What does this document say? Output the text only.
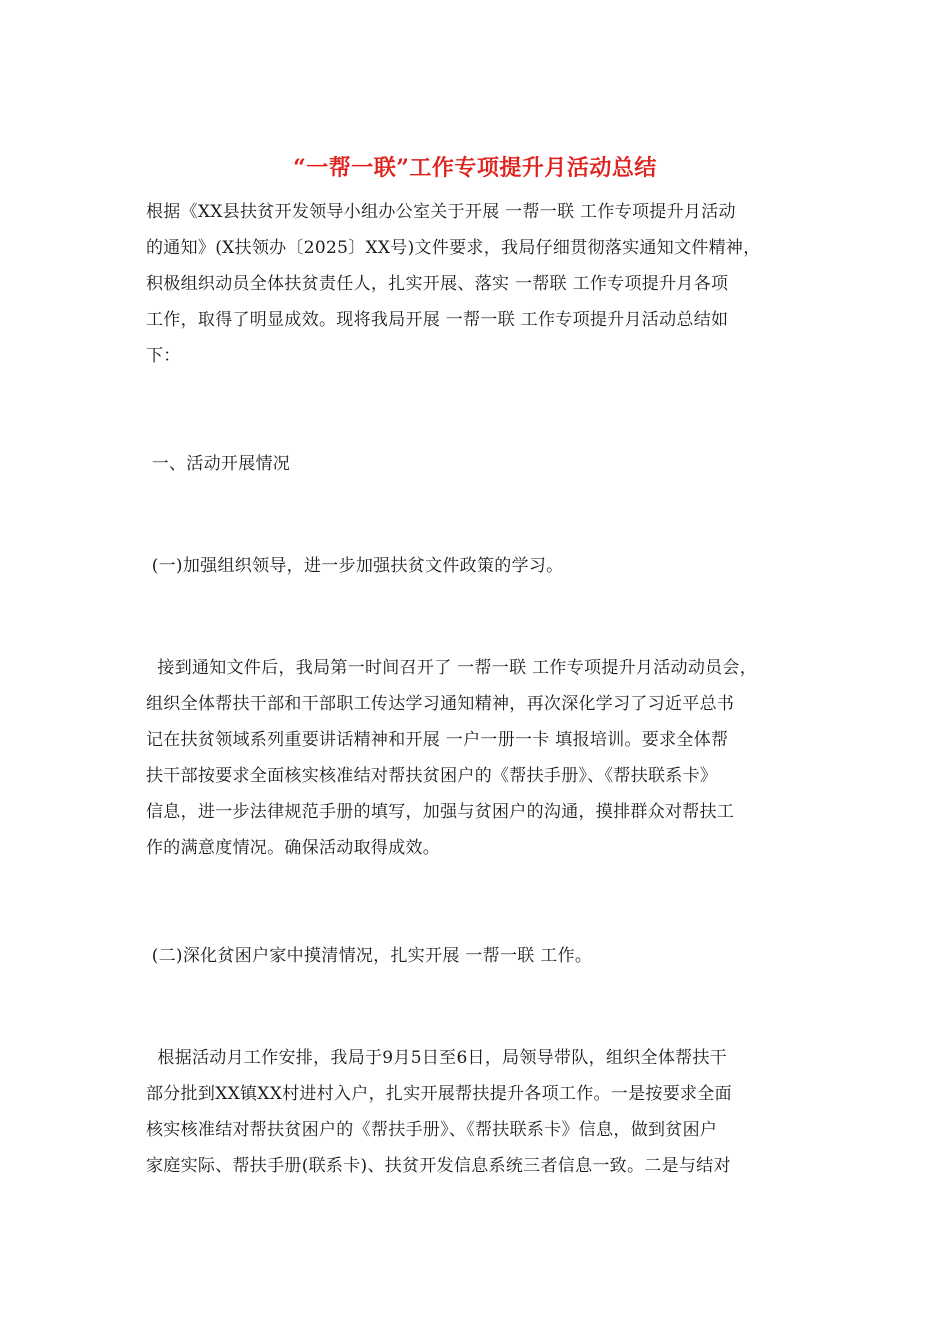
“一帮一联”工作专项提升月活动总结
根据《XX县扶贫开发领导小组办公室关于开展 一帮一联 工作专项提升月活动
的通知》(X扶领办〔2025〕XX号)文件要求，我局仔细贯彻落实通知文件精神，
积极组织动员全体扶贫责任人，扎实开展、落实 一帮联 工作专项提升月各项
工作，取得了明显成效。现将我局开展 一帮一联 工作专项提升月活动总结如
下：
一、活动开展情况
(一)加强组织领导，进一步加强扶贫文件政策的学习。
接到通知文件后，我局第一时间召开了 一帮一联 工作专项提升月活动动员会，
组织全体帮扶干部和干部职工传达学习通知精神，再次深化学习了习近平总书
记在扶贫领域系列重要讲话精神和开展 一户一册一卡 填报培训。要求全体帮
扶干部按要求全面核实核准结对帮扶贫困户的《帮扶手册》、《帮扶联系卡》
信息，进一步法律规范手册的填写，加强与贫困户的沟通，摸排群众对帮扶工
作的满意度情况。确保活动取得成效。
(二)深化贫困户家中摸清情况，扎实开展 一帮一联 工作。
根据活动月工作安排，我局于9月5日至6日，局领导带队，组织全体帮扶干
部分批到XX镇XX村进村入户，扎实开展帮扶提升各项工作。一是按要求全面
核实核准结对帮扶贫困户的《帮扶手册》、《帮扶联系卡》信息，做到贫困户
家庭实际、帮扶手册(联系卡)、扶贫开发信息系统三者信息一致。二是与结对
